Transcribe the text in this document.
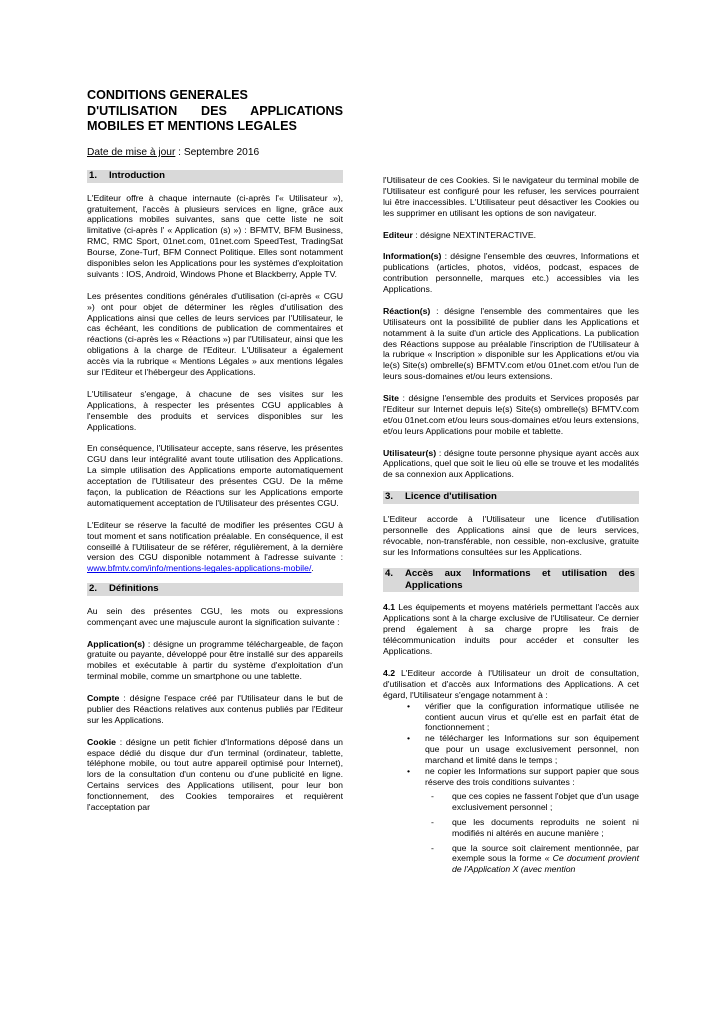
CONDITIONS GENERALES
D'UTILISATION DES APPLICATIONS
MOBILES ET MENTIONS LEGALES
Date de mise à jour : Septembre 2016
1.	Introduction

L'Editeur offre à chaque internaute (ci-après l'« Utilisateur »), gratuitement, l'accès à plusieurs services en ligne, grâce aux applications mobiles suivantes, sans que cette liste ne soit limitative (ci-après l' « Application (s) ») : BFMTV, BFM Business, RMC, RMC Sport, 01net.com, 01net.com SpeedTest, TradingSat Bourse, Zone-Turf, BFM Connect Politique. Elles sont notamment disponibles selon les Applications pour les systèmes d'exploitation suivants : IOS, Android, Windows Phone et Blackberry, Apple TV.

Les présentes conditions générales d'utilisation (ci-après « CGU ») ont pour objet de déterminer les règles d'utilisation des Applications ainsi que celles de leurs services par l'Utilisateur, le cas échéant, les conditions de publication de commentaires et réactions (ci-après les « Réactions ») par l'Utilisateur, ainsi que les obligations à la charge de l'Editeur. L'Utilisateur a également accès via la rubrique « Mentions Légales » aux mentions légales sur l'Editeur et l'hébergeur des Applications.

L'Utilisateur s'engage, à chacune de ses visites sur les Applications, à respecter les présentes CGU applicables à l'ensemble des produits et services disponibles sur les Applications.

En conséquence, l'Utilisateur accepte, sans réserve, les présentes CGU dans leur intégralité avant toute utilisation des Applications. La simple utilisation des Applications emporte automatiquement acceptation de l'Utilisateur des présentes CGU. De la même façon, la publication de Réactions sur les Applications emporte automatiquement acceptation de l'Utilisateur des présentes CGU.

L'Editeur se réserve la faculté de modifier les présentes CGU à tout moment et sans notification préalable. En conséquence, il est conseillé à l'Utilisateur de se référer, régulièrement, à la dernière version des CGU disponible notamment à l'adresse suivante : www.bfmtv.com/info/mentions-legales-applications-mobile/.

2.	Définitions

Au sein des présentes CGU, les mots ou expressions commençant avec une majuscule auront la signification suivante :

Application(s) : désigne un programme téléchargeable, de façon gratuite ou payante, développé pour être installé sur des appareils mobiles et exécutable à partir du système d'exploitation d'un terminal mobile, comme un smartphone ou une tablette.

Compte : désigne l'espace créé par l'Utilisateur dans le but de publier des Réactions relatives aux contenus publiés par l'Editeur sur les Applications.

Cookie : désigne un petit fichier d'Informations déposé dans un espace dédié du disque dur d'un terminal (ordinateur, tablette, téléphone mobile, ou tout autre appareil optimisé pour Internet), lors de la consultation d'un contenu ou d'une publicité en ligne. Certains services des Applications utilisent, pour leur bon fonctionnement, des Cookies temporaires et requièrent l'acceptation par

l'Utilisateur de ces Cookies. Si le navigateur du terminal mobile de l'Utilisateur est configuré pour les refuser, les services pourraient lui être inaccessibles. L'Utilisateur peut désactiver les Cookies ou les supprimer en utilisant les options de son navigateur.

Editeur : désigne NEXTINTERACTIVE.

Information(s) : désigne l'ensemble des œuvres, Informations et publications (articles, photos, vidéos, podcast, espaces de contribution personnelle, marques etc.) accessibles via les Applications.

Réaction(s) : désigne l'ensemble des commentaires que les Utilisateurs ont la possibilité de publier dans les Applications et notamment à la suite d'un article des Applications. La publication des Réactions suppose au préalable l'inscription de l'Utilisateur à la rubrique « Inscription » disponible sur les Applications et/ou via le(s) Site(s) ombrelle(s) BFMTV.com et/ou 01net.com et/ou l'un de leurs sous-domaines et/ou leurs extensions.

Site : désigne l'ensemble des produits et Services proposés par l'Editeur sur Internet depuis le(s) Site(s) ombrelle(s) BFMTV.com et/ou 01net.com et/ou leurs sous-domaines et/ou leurs extensions, et/ou leurs Applications pour mobile et tablette.

Utilisateur(s) : désigne toute personne physique ayant accès aux Applications, quel que soit le lieu où elle se trouve et les modalités de sa connexion aux Applications.

3.	Licence d'utilisation

L'Editeur accorde à l'Utilisateur une licence d'utilisation personnelle des Applications ainsi que de leurs services, révocable, non-transférable, non cessible, non-exclusive, gratuite sur les Informations consultées sur les Applications.

4.	Accès aux Informations et utilisation des Applications

4.1 Les équipements et moyens matériels permettant l'accès aux Applications sont à la charge exclusive de l'Utilisateur. Ce dernier prend également à sa charge propre les frais de télécommunication induits pour accéder et consulter les Applications.

4.2 L'Editeur accorde à l'Utilisateur un droit de consultation, d'utilisation et d'accès aux Informations des Applications. A cet égard, l'Utilisateur s'engage notamment à :

• vérifier que la configuration informatique utilisée ne contient aucun virus et qu'elle est en parfait état de fonctionnement ;
• ne télécharger les Informations sur son équipement que pour un usage exclusivement personnel, non marchand et limité dans le temps ;
• ne copier les Informations sur support papier que sous réserve des trois conditions suivantes :
- que ces copies ne fassent l'objet que d'un usage exclusivement personnel ;
- que les documents reproduits ne soient ni modifiés ni altérés en aucune manière ;
- que la source soit clairement mentionnée, par exemple sous la forme « Ce document provient de l'Application X (avec mention
